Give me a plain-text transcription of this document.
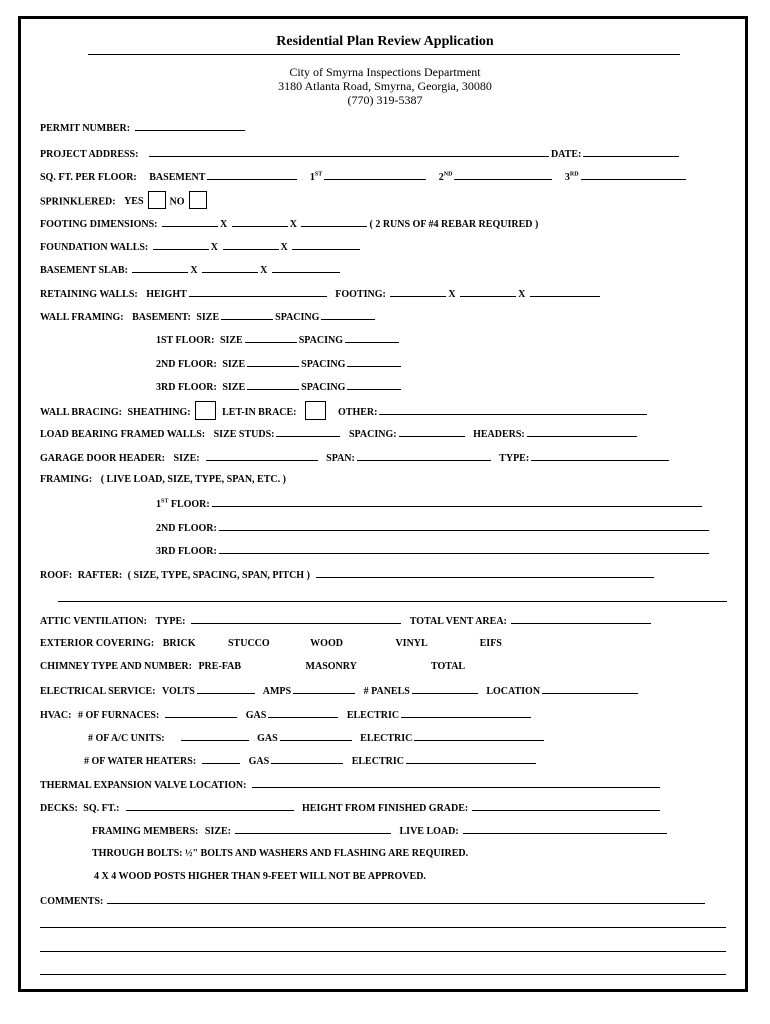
Residential Plan Review Application
City of Smyrna Inspections Department
3180 Atlanta Road, Smyrna, Georgia, 30080
(770) 319-5387
PERMIT NUMBER:
PROJECT ADDRESS:	DATE:
SQ. FT. PER FLOOR: BASEMENT	1ST	2ND	3RD
SPRINKLERED: YES	NO
FOOTING DIMENSIONS:	X	X	( 2 RUNS OF #4 REBAR REQUIRED )
FOUNDATION WALLS:	X	X
BASEMENT SLAB:	X	X
RETAINING WALLS: HEIGHT	FOOTING:	X	X
WALL FRAMING: BASEMENT: SIZE	SPACING
1ST FLOOR: SIZE	SPACING
2ND FLOOR: SIZE	SPACING
3RD FLOOR: SIZE	SPACING
WALL BRACING: SHEATHING:	LET-IN BRACE:	OTHER:
LOAD BEARING FRAMED WALLS: SIZE STUDS:	SPACING:	HEADERS:
GARAGE DOOR HEADER: SIZE:	SPAN:	TYPE:
FRAMING: ( LIVE LOAD, SIZE, TYPE, SPAN, ETC. )
1ST FLOOR:
2ND FLOOR:
3RD FLOOR:
ROOF: RAFTER: ( SIZE, TYPE, SPACING, SPAN, PITCH )
ATTIC VENTILATION: TYPE:	TOTAL VENT AREA:
EXTERIOR COVERING: BRICK	STUCCO	WOOD	VINYL	EIFS
CHIMNEY TYPE AND NUMBER: PRE-FAB	MASONRY	TOTAL
ELECTRICAL SERVICE: VOLTS	AMPS	# PANELS	LOCATION
HVAC: # OF FURNACES:	GAS	ELECTRIC
# OF A/C UNITS:	GAS	ELECTRIC
# OF WATER HEATERS:	GAS	ELECTRIC
THERMAL EXPANSION VALVE LOCATION:
DECKS: SQ. FT.:	HEIGHT FROM FINISHED GRADE:
FRAMING MEMBERS: SIZE:	LIVE LOAD:
THROUGH BOLTS: ½" BOLTS AND WASHERS AND FLASHING ARE REQUIRED.
4 X 4 WOOD POSTS HIGHER THAN 9-FEET WILL NOT BE APPROVED.
COMMENTS:
